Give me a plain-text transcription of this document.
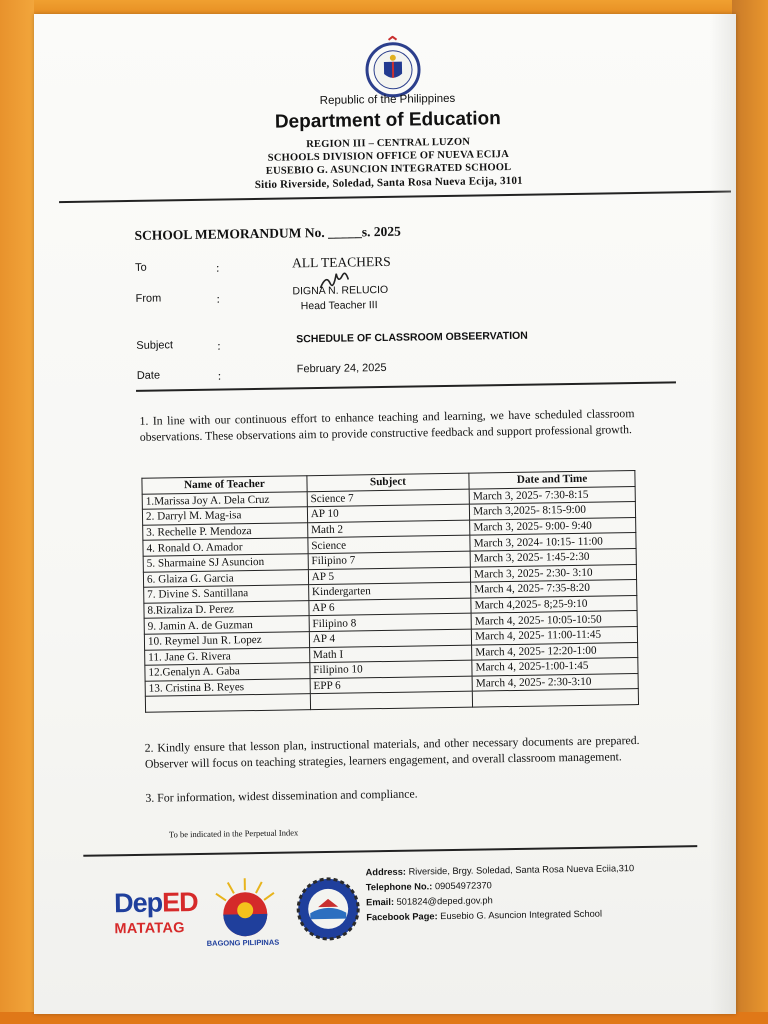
Republic of the Philippines
Department of Education
REGION III – CENTRAL LUZON
SCHOOLS DIVISION OFFICE OF NUEVA ECIJA
EUSEBIO G. ASUNCION INTEGRATED SCHOOL
Sitio Riverside, Soledad, Santa Rosa Nueva Ecija, 3101
SCHOOL MEMORANDUM No. _____s. 2025
To	:	ALL TEACHERS
From	:
DIGNA N. RELUCIO
Head Teacher III
Subject	:
SCHEDULE OF CLASSROOM OBSEERVATION
Date	:	February 24, 2025
1. In line with our continuous effort to enhance teaching and learning, we have scheduled classroom observations. These observations aim to provide constructive feedback and support professional growth.
Name of Teacher	Subject	Date and Time
1.Marissa Joy A. Dela Cruz	Science 7	March 3, 2025- 7:30-8:15
2. Darryl M. Mag-isa	AP 10	March 3,2025- 8:15-9:00
3. Rechelle P. Mendoza	Math 2	March 3, 2025- 9:00- 9:40
4. Ronald O. Amador	Science	March 3, 2024- 10:15- 11:00
5. Sharmaine SJ Asuncion	Filipino 7	March 3, 2025- 1:45-2:30
6. Glaiza G. Garcia	AP 5	March 3, 2025- 2:30- 3:10
7. Divine S. Santillana	Kindergarten	March 4, 2025- 7:35-8:20
8.Rizaliza D. Perez	AP 6	March 4,2025- 8;25-9:10
9. Jamin A. de Guzman	Filipino 8	March 4, 2025- 10:05-10:50
10. Reymel Jun R. Lopez	AP 4	March 4, 2025- 11:00-11:45
11. Jane G. Rivera	Math I	March 4, 2025- 12:20-1:00
12.Genalyn A. Gaba	Filipino 10	March 4, 2025-1:00-1:45
13. Cristina B. Reyes	EPP 6	March 4, 2025- 2:30-3:10

2. Kindly ensure that lesson plan, instructional materials, and other necessary documents are prepared. Observer will focus on teaching strategies, learners engagement, and overall classroom management.
3. For information, widest dissemination and compliance.
To be indicated in the Perpetual Index
DepED
MATATAG
BAGONG PILIPINAS
Address: Riverside, Brgy. Soledad, Santa Rosa Nueva Eciia,310
Telephone No.: 09054972370
Email: 501824@deped.gov.ph
Facebook Page: Eusebio G. Asuncion Integrated School
